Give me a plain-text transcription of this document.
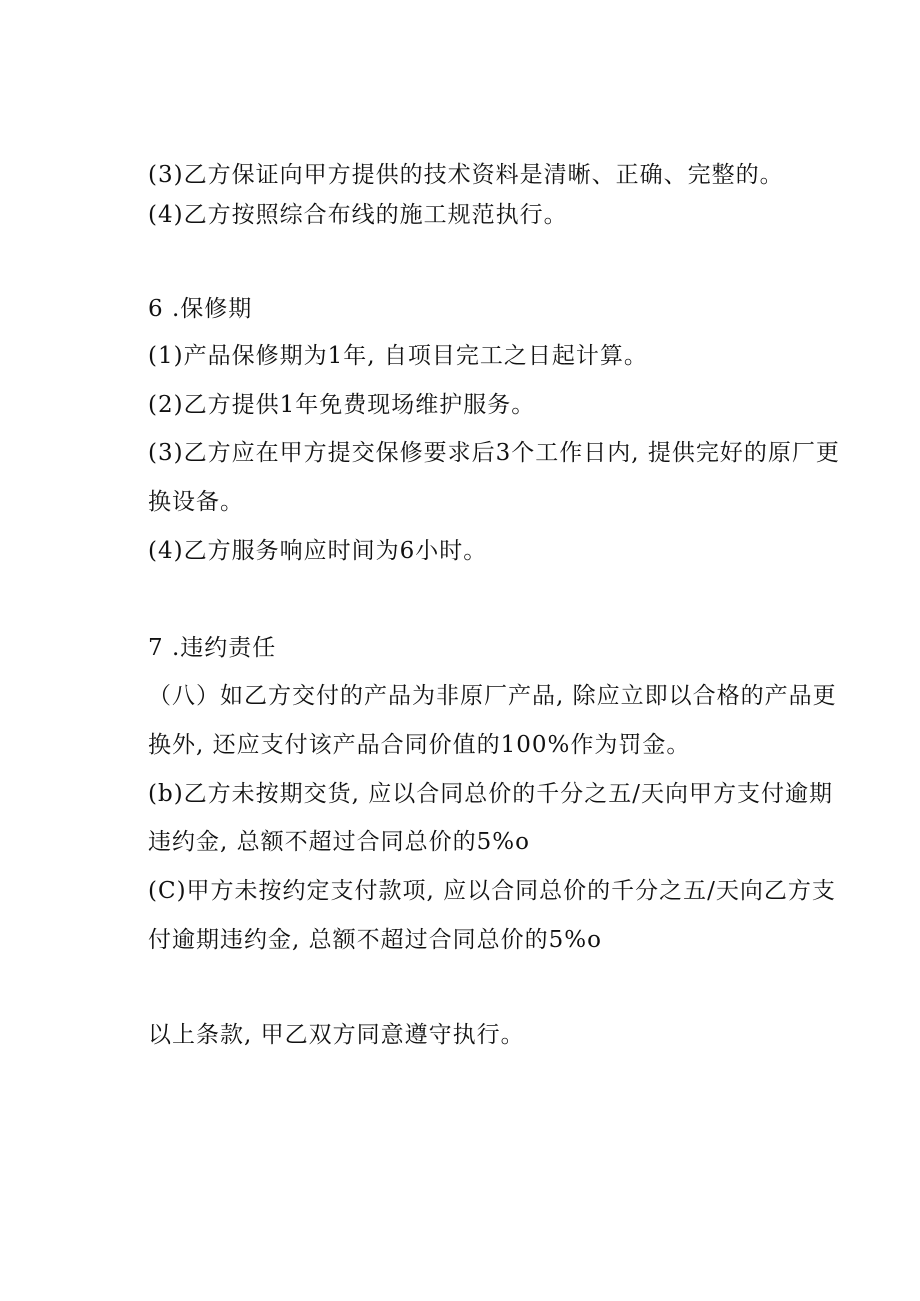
(3)乙方保证向甲方提供的技术资料是清晰、正确、完整的。
(4)乙方按照综合布线的施工规范执行。
6 .保修期
(1)产品保修期为1年, 自项目完工之日起计算。
(2)乙方提供1年免费现场维护服务。
(3)乙方应在甲方提交保修要求后3个工作日内, 提供完好的原厂更
换设备。
(4)乙方服务响应时间为6小时。
7 .违约责任
（八）如乙方交付的产品为非原厂产品, 除应立即以合格的产品更
换外, 还应支付该产品合同价值的100%作为罚金。
(b)乙方未按期交货, 应以合同总价的千分之五/天向甲方支付逾期
违约金, 总额不超过合同总价的5%o
(C)甲方未按约定支付款项, 应以合同总价的千分之五/天向乙方支
付逾期违约金, 总额不超过合同总价的5%o
以上条款, 甲乙双方同意遵守执行。
